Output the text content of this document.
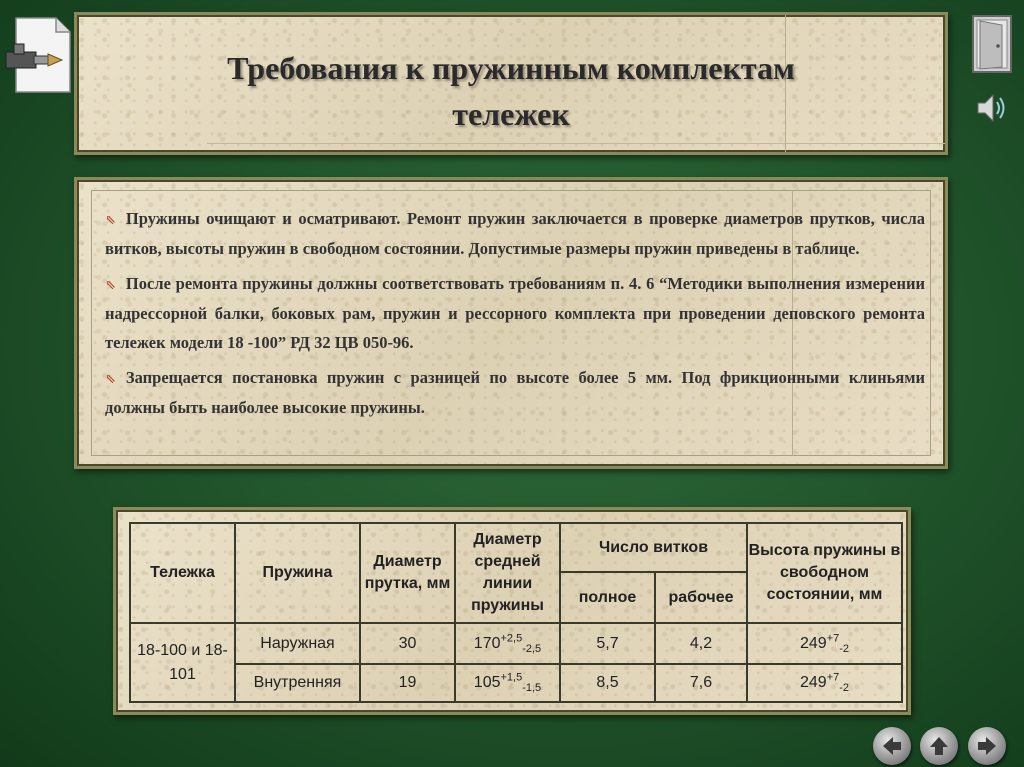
Требования к пружинным комплектам
тележек
⇖ Пружины очищают и осматривают. Ремонт пружин заключается в проверке диаметров прутков, числа витков, высоты пружин в свободном состоянии. Допустимые размеры пружин приведены в таблице.
⇖ После ремонта пружины должны соответствовать требованиям п. 4. 6 “Методики выполнения измерении надрессорной балки, боковых рам, пружин и рессорного комплекта при проведении деповского ремонта тележек модели 18 -100” РД 32 ЦВ 050-96.
⇖ Запрещается постановка пружин с разницей по высоте более 5 мм. Под фрикционными клиньями должны быть наиболее высокие пружины.
Тележка	Пружина	Диаметр прутка, мм	Диаметр средней линии пружины	Число витков		Высота пружины в свободном состоянии, мм
				полное	рабочее	
18-100 и 18-101	Наружная	30	$170^{+2,5}_{-2,5}$	5,7	4,2	$249^{+7}_{-2}$
	Внутренняя	19	$105^{+1,5}_{-1,5}$	8,5	7,6	$249^{+7}_{-2}$
